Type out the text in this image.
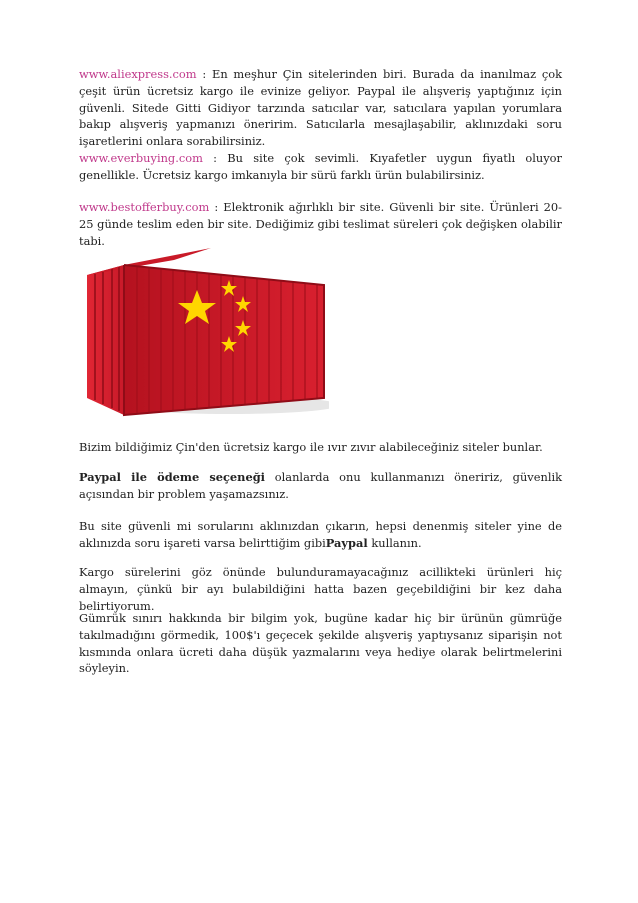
www.aliexpress.com : En meşhur Çin sitelerinden biri. Burada da inanılmaz çok çeşit ürün ücretsiz kargo ile evinize geliyor. Paypal ile alışveriş yaptığınız için güvenli. Sitede Gitti Gidiyor tarzında satıcılar var, satıcılara yapılan yorumlara bakıp alışveriş yapmanızı öneririm. Satıcılarla mesajlaşabilir, aklınızdaki soru işaretlerini onlara sorabilirsiniz.

www.everbuying.com : Bu site çok sevimli. Kıyafetler uygun fiyatlı oluyor genellikle. Ücretsiz kargo imkanıyla bir sürü farklı ürün bulabilirsiniz.

www.bestofferbuy.com : Elektronik ağırlıklı bir site. Güvenli bir site. Ürünleri 20-25 günde teslim eden bir site. Dediğimiz gibi teslimat süreleri çok değişken olabilir tabi.

Bizim bildiğimiz Çin'den ücretsiz kargo ile ıvır zıvır alabileceğiniz siteler bunlar.

Paypal ile ödeme seçeneği olanlarda onu kullanmanızı öneririz, güvenlik açısından bir problem yaşamazsınız.

Bu site güvenli mi sorularını aklınızdan çıkarın, hepsi denenmiş siteler yine de aklınızda soru işareti varsa belirttiğim gibiPaypal kullanın.

Kargo sürelerini göz önünde bulunduramayacağınız acillikteki ürünleri hiç almayın, çünkü bir ayı bulabildiğini hatta bazen geçebildiğini bir kez daha belirtiyorum.

Gümrük sınırı hakkında bir bilgim yok, bugüne kadar hiç bir ürünün gümrüğe takılmadığını görmedik, 100$'ı geçecek şekilde alışveriş yaptıysanız siparişin not kısmında onlara ücreti daha düşük yazmalarını veya hediye olarak belirtmelerini söyleyin.
